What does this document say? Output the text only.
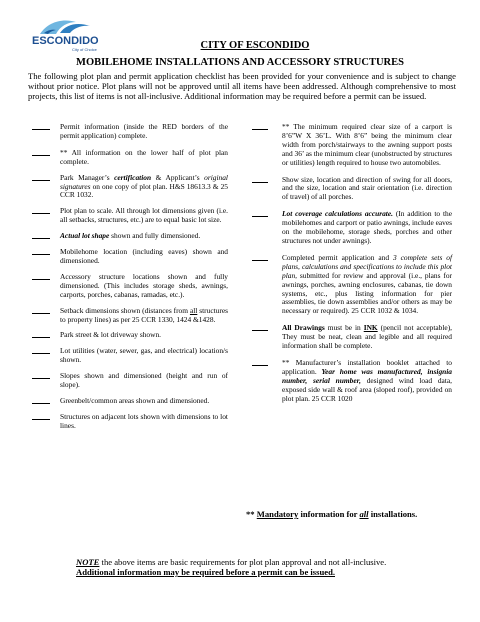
ESCONDIDO
City of Choice	CITY OF ESCONDIDO
MOBILEHOME INSTALLATIONS AND ACCESSORY STRUCTURES
The following plot plan and permit application checklist has been provided for your convenience and is subject to change without prior notice. Plot plans will not be approved until all items have been addressed. Although comprehensive to most projects, this list of items is not all-inclusive. Additional information may be required before a permit can be issued.
Permit information (inside the RED borders of the permit application) complete.
** All information on the lower half of plot plan complete.
Park Manager’s certification & Applicant’s original signatures on one copy of plot plan. H&S 18613.3 & 25 CCR 1032.
Plot plan to scale. All through lot dimensions given (i.e. all setbacks, structures, etc.) are to equal basic lot size.
Actual lot shape shown and fully dimensioned.
Mobilehome location (including eaves) shown and dimensioned.
Accessory structure locations shown and fully dimensioned. (This includes storage sheds, awnings, carports, porches, cabanas, ramadas, etc.).
Setback dimensions shown (distances from all structures to property lines) as per 25 CCR 1330, 1424 &1428.
Park street & lot driveway shown.
Lot utilities (water, sewer, gas, and electrical) location/s shown.
Slopes shown and dimensioned (height and run of slope).
Greenbelt/common areas shown and dimensioned.
Structures on adjacent lots shown with dimensions to lot lines.
** The minimum required clear size of a carport is 8’6”W X 36’L. With 8’6” being the minimum clear width from porch/stairways to the awning support posts and 36’ as the minimum clear (unobstructed by structures or utilities) length required to house two automobiles.
Show size, location and direction of swing for all doors, and the size, location and stair orientation (i.e. direction of travel) of all porches.
Lot coverage calculations accurate. (In addition to the mobilehomes and carport or patio awnings, include eaves on the mobilehome, storage sheds, porches and other structures not under awnings).
Completed permit application and 3 complete sets of plans, calculations and specifications to include this plot plan, submitted for review and approval (i.e., plans for awnings, porches, awning enclosures, cabanas, tie down systems, etc., plus listing information for pier assemblies, tie down assemblies and/or others as may be necessary or required). 25 CCR 1032 & 1034.
All Drawings must be in INK (pencil not acceptable), They must be neat, clean and legible and all required information shall be complete.
** Manufacturer’s installation booklet attached to application. Year home was manufactured, insignia number, serial number, designed wind load data, exposed side wall & roof area (sloped roof), provided on plot plan. 25 CCR 1020
** Mandatory information for all installations.
NOTE the above items are basic requirements for plot plan approval and not all-inclusive. Additional information may be required before a permit can be issued.
